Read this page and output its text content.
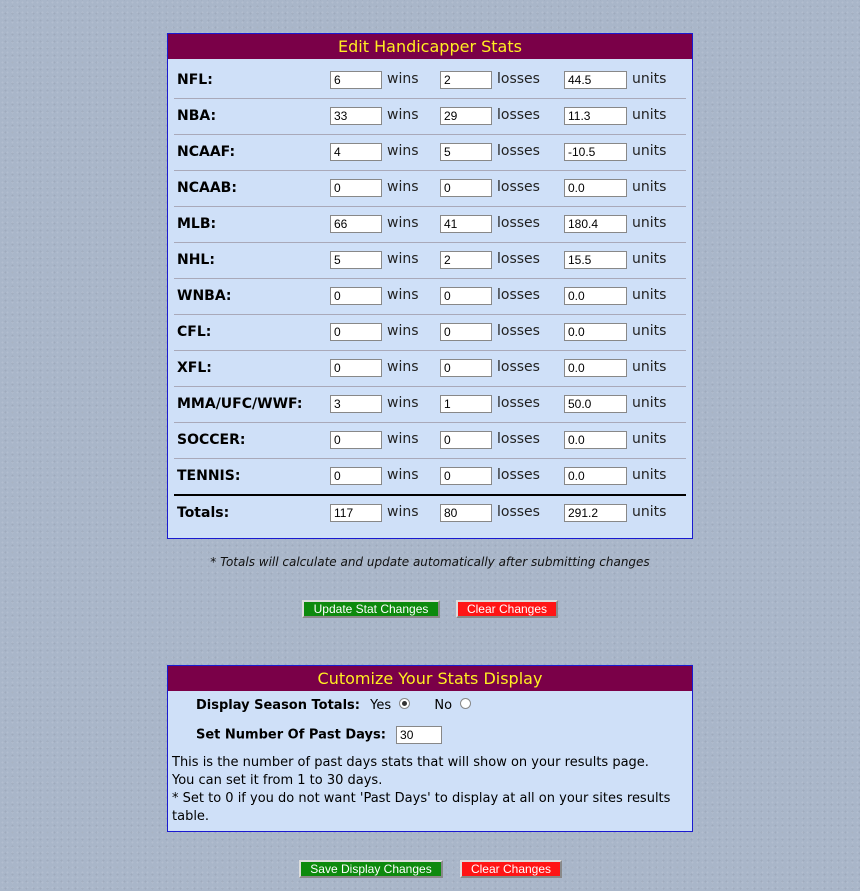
Edit Handicapper Stats
NFL:
6	wins
2	losses
44.5	units
NBA:
33	wins
29	losses
11.3	units
NCAAF:
4	wins
5	losses
-10.5	units
NCAAB:
0	wins
0	losses
0.0	units
MLB:
66	wins
41	losses
180.4	units
NHL:
5	wins
2	losses
15.5	units
WNBA:
0	wins
0	losses
0.0	units
CFL:
0	wins
0	losses
0.0	units
XFL:
0	wins
0	losses
0.0	units
MMA/UFC/WWF:
3	wins
1	losses
50.0	units
SOCCER:
0	wins
0	losses
0.0	units
TENNIS:
0	wins
0	losses
0.0	units
Totals:
117	wins
80	losses
291.2	units
* Totals will calculate and update automatically after submitting changes
Update Stat Changes	Clear Changes
Cutomize Your Stats Display
Display Season Totals: Yes	No
Set Number Of Past Days: 30
This is the number of past days stats that will show on your results page.
You can set it from 1 to 30 days.
* Set to 0 if you do not want 'Past Days' to display at all on your sites results table.
Save Display Changes	Clear Changes
